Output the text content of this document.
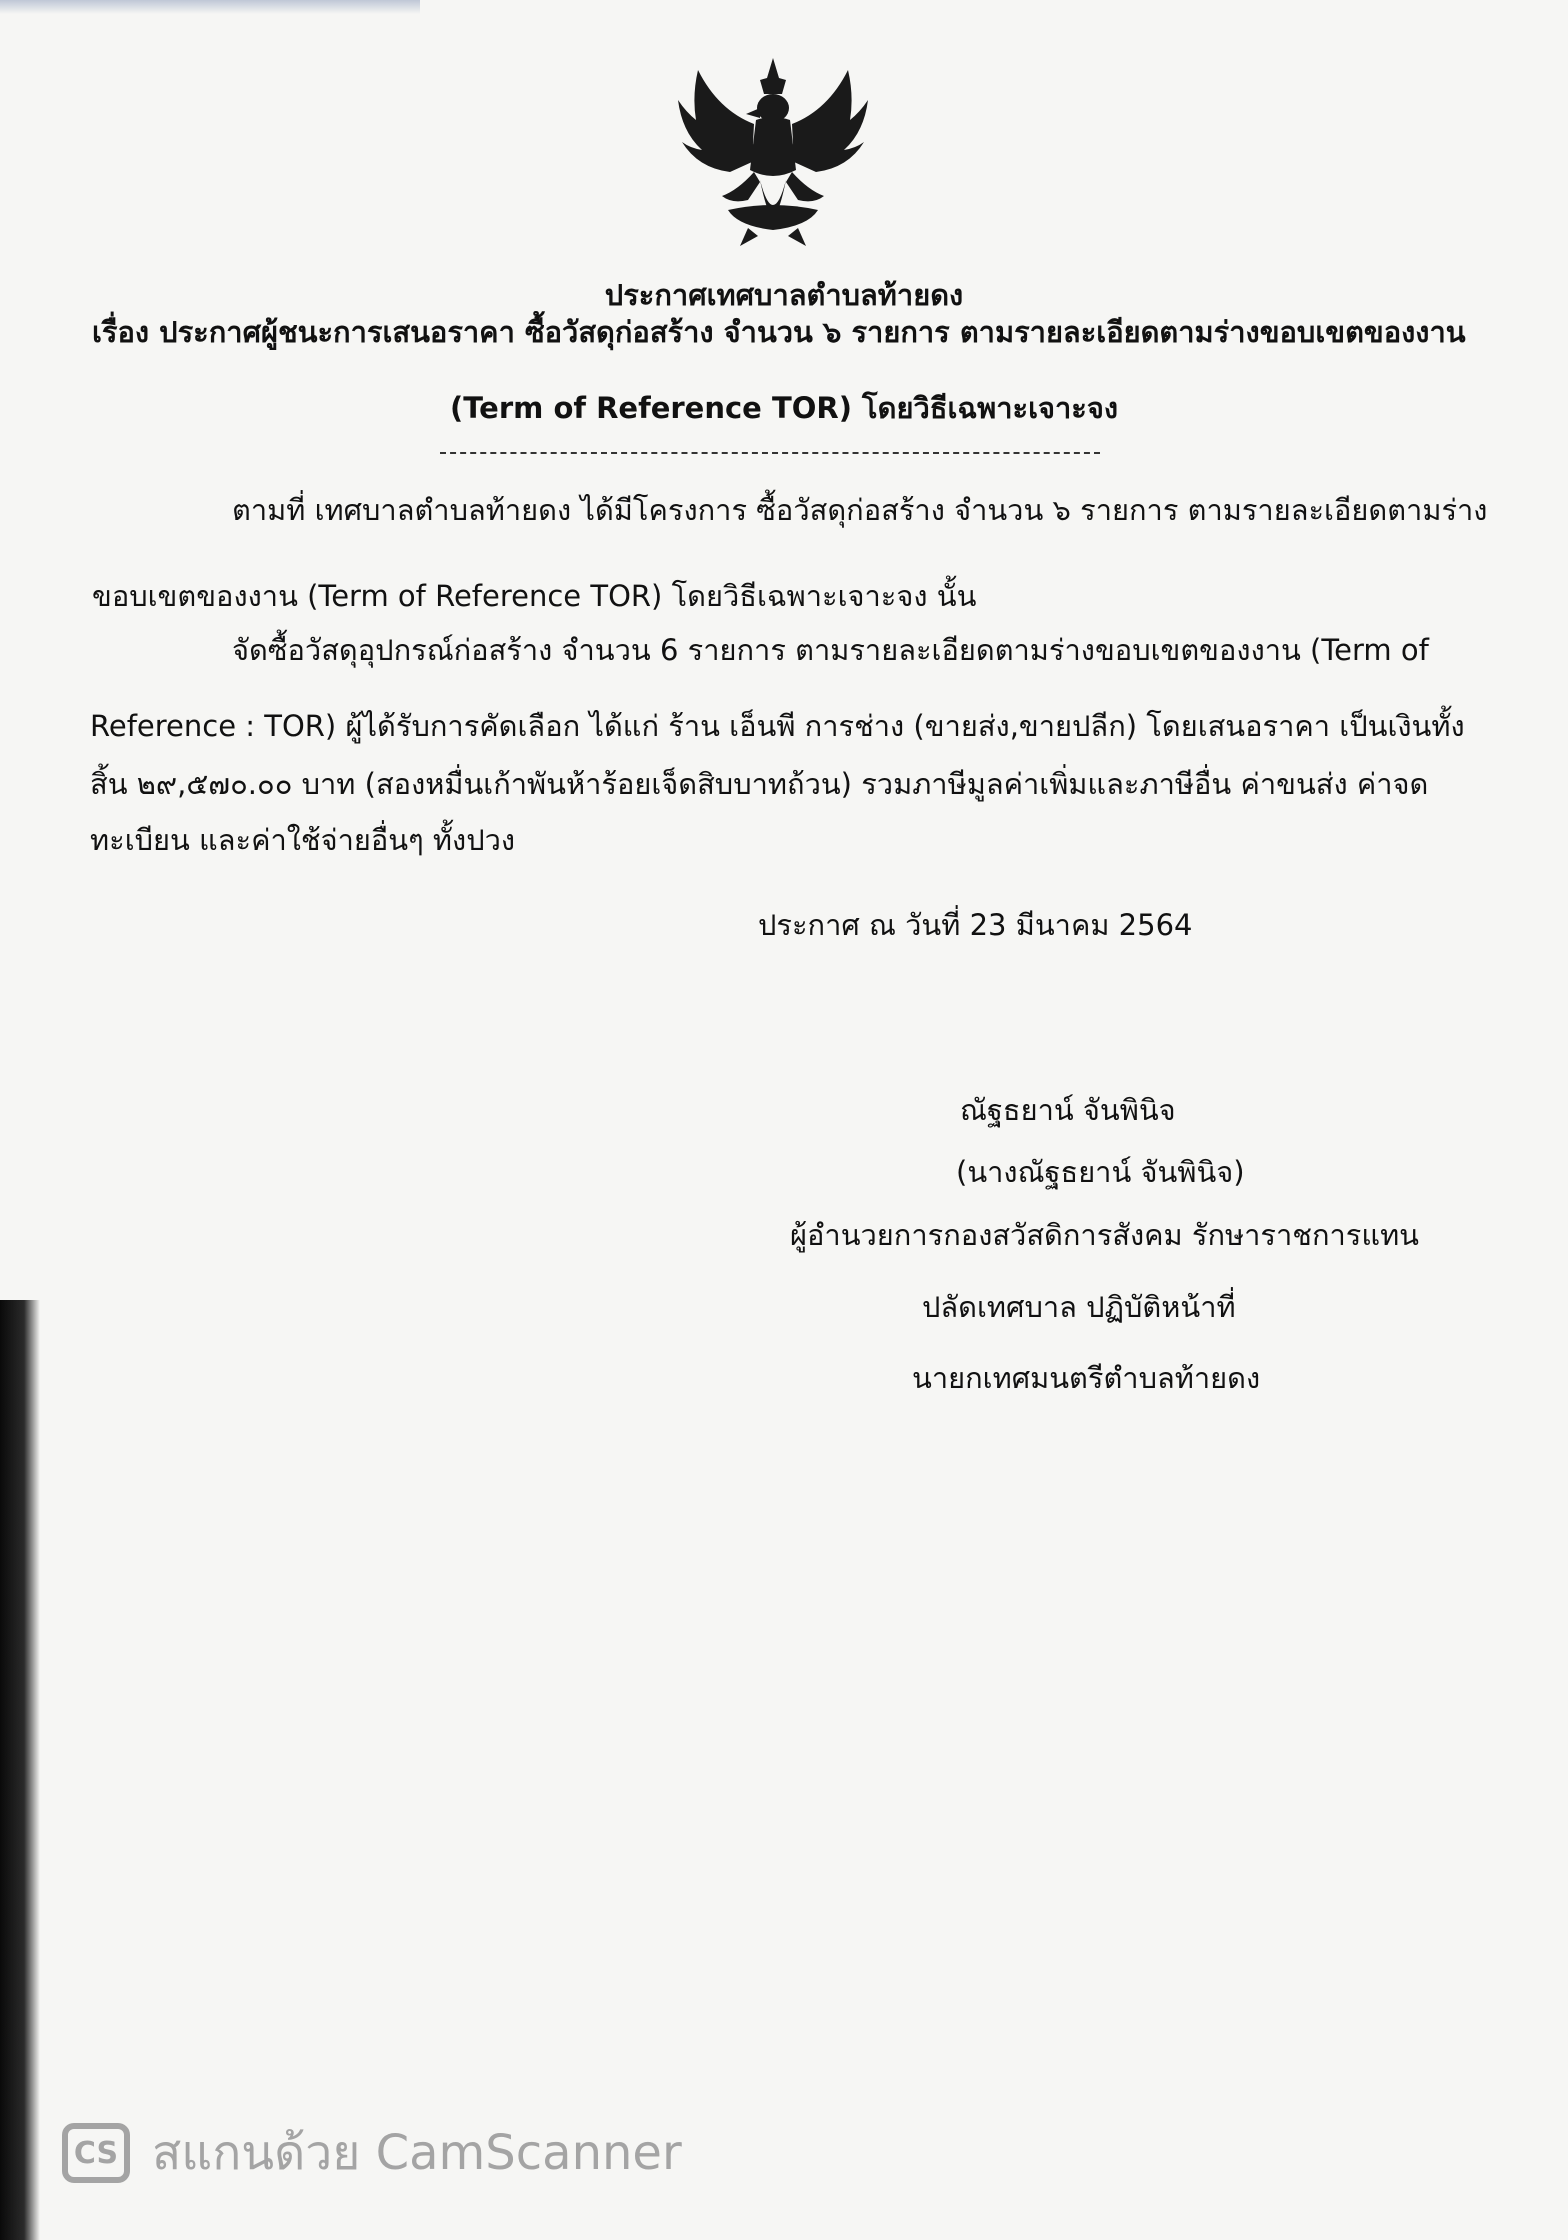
ประกาศเทศบาลตำบลท้ายดง
เรื่อง ประกาศผู้ชนะการเสนอราคา ซื้อวัสดุก่อสร้าง จำนวน ๖ รายการ ตามรายละเอียดตามร่างขอบเขตของงาน
(Term of Reference TOR) โดยวิธีเฉพาะเจาะจง
ตามที่ เทศบาลตำบลท้ายดง ได้มีโครงการ ซื้อวัสดุก่อสร้าง จำนวน ๖ รายการ ตามรายละเอียดตามร่าง
ขอบเขตของงาน (Term of Reference TOR) โดยวิธีเฉพาะเจาะจง นั้น
จัดซื้อวัสดุอุปกรณ์ก่อสร้าง จำนวน 6 รายการ ตามรายละเอียดตามร่างขอบเขตของงาน (Term of
Reference : TOR) ผู้ได้รับการคัดเลือก ได้แก่ ร้าน เอ็นพี การช่าง (ขายส่ง,ขายปลีก) โดยเสนอราคา เป็นเงินทั้ง
สิ้น ๒๙,๕๗๐.๐๐ บาท (สองหมื่นเก้าพันห้าร้อยเจ็ดสิบบาทถ้วน) รวมภาษีมูลค่าเพิ่มและภาษีอื่น ค่าขนส่ง ค่าจด
ทะเบียน และค่าใช้จ่ายอื่นๆ ทั้งปวง
ประกาศ ณ วันที่ 23 มีนาคม 2564
ณัฐธยาน์ จันพินิจ
(นางณัฐธยาน์ จันพินิจ)
ผู้อำนวยการกองสวัสดิการสังคม รักษาราชการแทน
ปลัดเทศบาล ปฏิบัติหน้าที่
นายกเทศมนตรีตำบลท้ายดง
CS สแกนด้วย CamScanner
